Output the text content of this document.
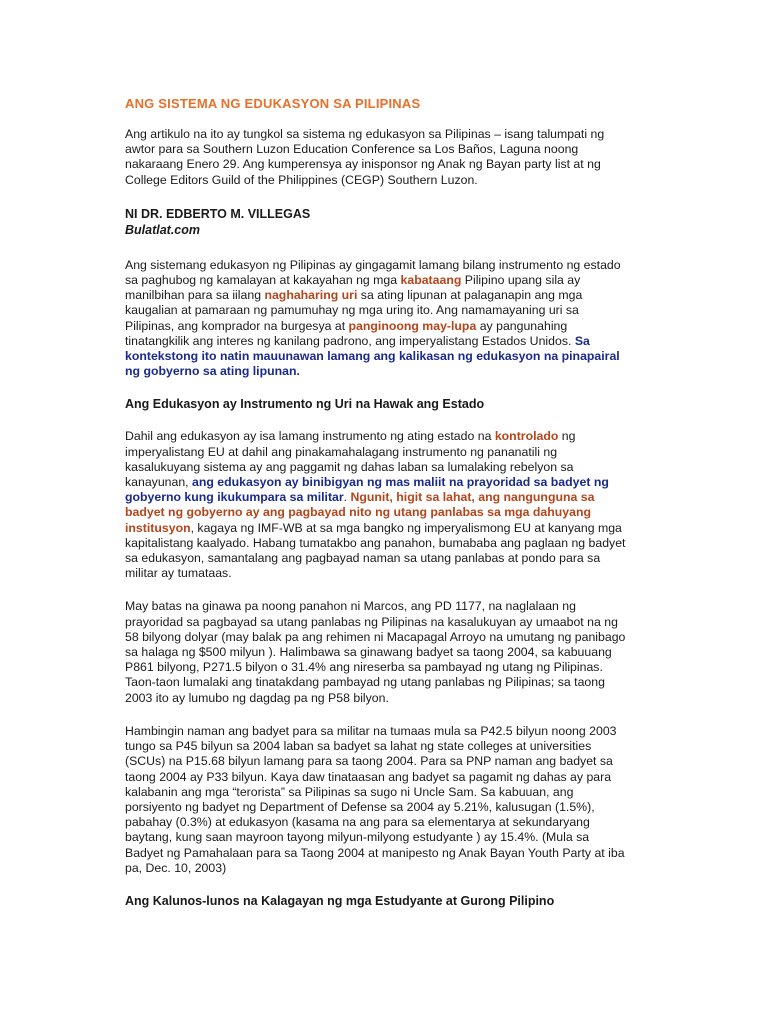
ANG SISTEMA NG EDUKASYON SA PILIPINAS

Ang artikulo na ito ay tungkol sa sistema ng edukasyon sa Pilipinas – isang talumpati ng awtor para sa Southern Luzon Education Conference sa Los Baños, Laguna noong nakaraang Enero 29. Ang kumperensya ay inisponsor ng Anak ng Bayan party list at ng College Editors Guild of the Philippines (CEGP) Southern Luzon.

NI DR. EDBERTO M. VILLEGAS
Bulatlat.com

Ang sistemang edukasyon ng Pilipinas ay gingagamit lamang bilang instrumento ng estado sa paghubog ng kamalayan at kakayahan ng mga kabataang Pilipino upang sila ay manilbihan para sa iilang naghaharing uri sa ating lipunan at palaganapin ang mga kaugalian at pamaraan ng pamumuhay ng mga uring ito. Ang namamayaning uri sa Pilipinas, ang komprador na burgesya at panginoong may-lupa ay pangunahing tinatangkilik ang interes ng kanilang padrono, ang imperyalistang Estados Unidos. Sa kontekstong ito natin mauunawan lamang ang kalikasan ng edukasyon na pinapairal ng gobyerno sa ating lipunan.

Ang Edukasyon ay Instrumento ng Uri na Hawak ang Estado

Dahil ang edukasyon ay isa lamang instrumento ng ating estado na kontrolado ng imperyalistang EU at dahil ang pinakamahalagang instrumento ng pananatili ng kasalukuyang sistema ay ang paggamit ng dahas laban sa lumalaking rebelyon sa kanayunan, ang edukasyon ay binibigyan ng mas maliit na prayoridad sa badyet ng gobyerno kung ikukumpara sa militar. Ngunit, higit sa lahat, ang nangunguna sa badyet ng gobyerno ay ang pagbayad nito ng utang panlabas sa mga dahuyang institusyon, kagaya ng IMF-WB at sa mga bangko ng imperyalismong EU at kanyang mga kapitalistang kaalyado. Habang tumatakbo ang panahon, bumababa ang paglaan ng badyet sa edukasyon, samantalang ang pagbayad naman sa utang panlabas at pondo para sa militar ay tumataas.

May batas na ginawa pa noong panahon ni Marcos, ang PD 1177, na naglalaan ng prayoridad sa pagbayad sa utang panlabas ng Pilipinas na kasalukuyan ay umaabot na ng 58 bilyong dolyar (may balak pa ang rehimen ni Macapagal Arroyo na umutang ng panibago sa halaga ng $500 milyun ). Halimbawa sa ginawang badyet sa taong 2004, sa kabuuang P861 bilyong, P271.5 bilyon o 31.4% ang nireserba sa pambayad ng utang ng Pilipinas. Taon-taon lumalaki ang tinatakdang pambayad ng utang panlabas ng Pilipinas; sa taong 2003 ito ay lumubo ng dagdag pa ng P58 bilyon.

Hambingin naman ang badyet para sa militar na tumaas mula sa P42.5 bilyun noong 2003 tungo sa P45 bilyun sa 2004 laban sa badyet sa lahat ng state colleges at universities (SCUs) na P15.68 bilyun lamang para sa taong 2004. Para sa PNP naman ang badyet sa taong 2004 ay P33 bilyun. Kaya daw tinataasan ang badyet sa pagamit ng dahas ay para kalabanin ang mga “terorista” sa Pilipinas sa sugo ni Uncle Sam. Sa kabuuan, ang porsiyento ng badyet ng Department of Defense sa 2004 ay 5.21%, kalusugan (1.5%), pabahay (0.3%) at edukasyon (kasama na ang para sa elementarya at sekundaryang baytang, kung saan mayroon tayong milyun-milyong estudyante ) ay 15.4%. (Mula sa Badyet ng Pamahalaan para sa Taong 2004 at manipesto ng Anak Bayan Youth Party at iba pa, Dec. 10, 2003)

Ang Kalunos-lunos na Kalagayan ng mga Estudyante at Gurong Pilipino
